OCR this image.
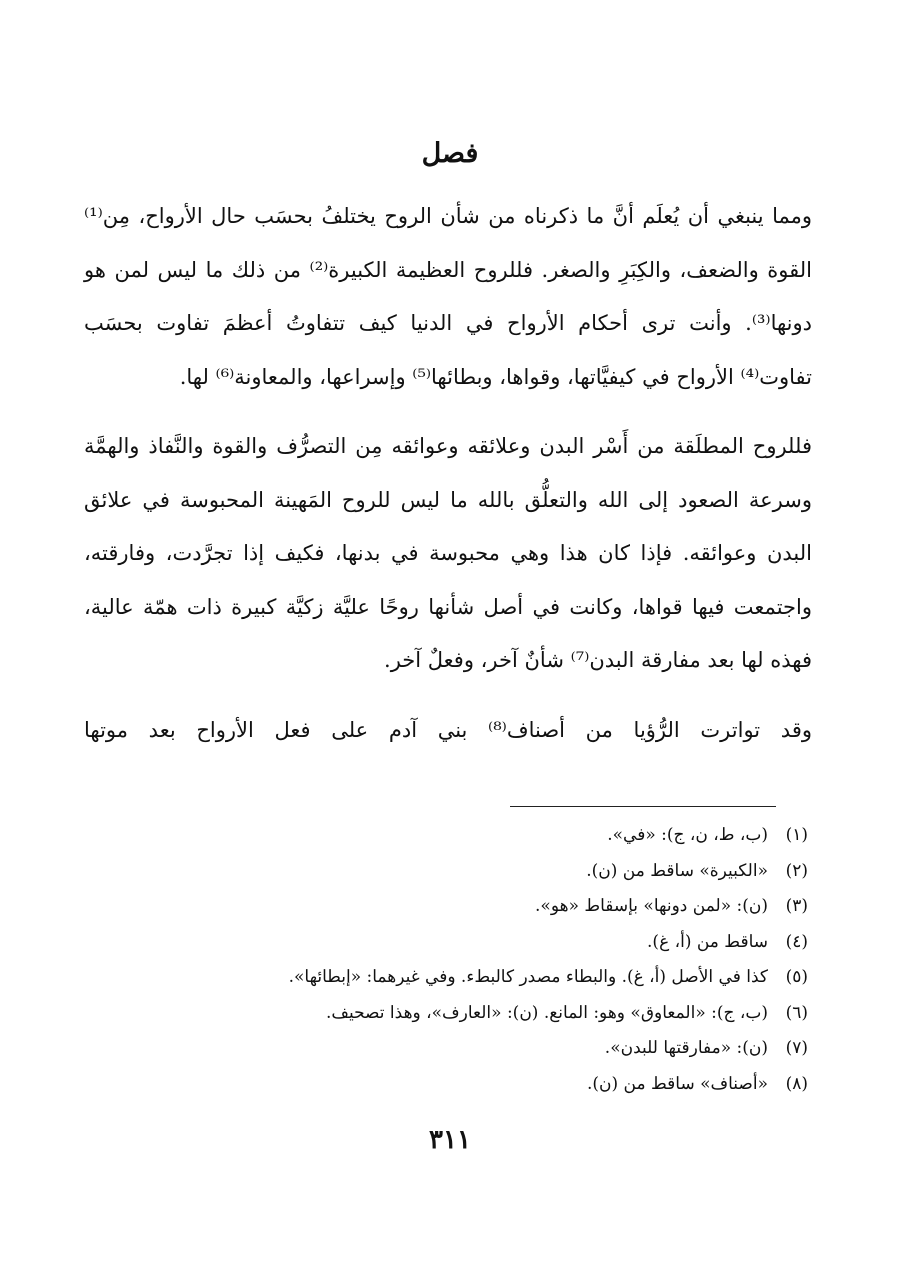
فصل

ومما ينبغي أن يُعلَم أنَّ ما ذكرناه من شأن الروح يختلفُ بحسَب حال الأرواح، مِن⁽¹⁾ القوة والضعف، والكِبَرِ والصغر. فللروح العظيمة الكبيرة⁽²⁾ من ذلك ما ليس لمن هو دونها⁽³⁾. وأنت ترى أحكام الأرواح في الدنيا كيف تتفاوتُ أعظمَ تفاوت بحسَب تفاوت⁽⁴⁾ الأرواح في كيفيَّاتها، وقواها، وبطائها⁽⁵⁾ وإسراعها، والمعاونة⁽⁶⁾ لها.

فللروح المطلَقة من أَسْر البدن وعلائقه وعوائقه مِن التصرُّف والقوة والنَّفاذ والهمَّة وسرعة الصعود إلى الله والتعلُّق بالله ما ليس للروح المَهينة المحبوسة في علائق البدن وعوائقه. فإذا كان هذا وهي محبوسة في بدنها، فكيف إذا تجرَّدت، وفارقته، واجتمعت فيها قواها، وكانت في أصل شأنها روحًا عليَّة زكيَّة كبيرة ذات همّة عالية، فهذه لها بعد مفارقة البدن⁽⁷⁾ شأنٌ آخر، وفعلٌ آخر.

وقد تواترت الرُّؤيا من أصناف⁽⁸⁾ بني آدم على فعل الأرواح بعد موتها

(١)(ب، ط، ن، ج): «في».
(٢)«الكبيرة» ساقط من (ن).
(٣)(ن): «لمن دونها» بإسقاط «هو».
(٤)ساقط من (أ، غ).
(٥)كذا في الأصل (أ، غ). والبطاء مصدر كالبطء. وفي غيرهما: «إبطائها».
(٦)(ب، ج): «المعاوق» وهو: المانع. (ن): «العارف»، وهذا تصحيف.
(٧)(ن): «مفارقتها للبدن».
(٨)«أصناف» ساقط من (ن).
٣١١
